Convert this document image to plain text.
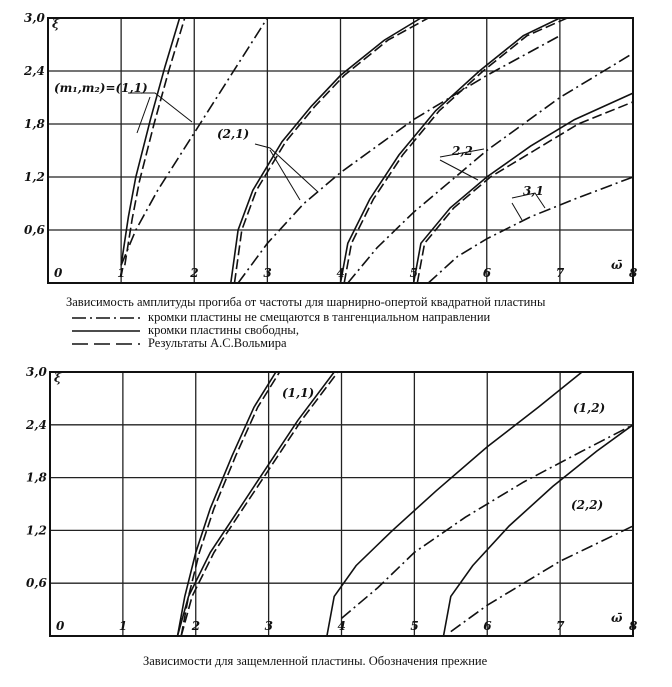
0	1	2	3	4	5	6	7	8
0,6
1,2
1,8
2,4
3,0 ξ
ω̄
0	1	2	3	4	5	6	7	8
0,6
1,2
1,8
2,4
3,0 ξ
ω̄
(m₁,m₂)=(1,1)
(2,1)
2,2
3,1
Зависимость амплитуды прогиба от частоты для шарнирно-опертой квадратной пластины
кромки пластины не смещаются в тангенциальном направлении
кромки пластины свободны,
Результаты А.С.Вольмира
(1,1)
(1,2)
(2,2)
Зависимости для защемленной пластины. Обозначения прежние
